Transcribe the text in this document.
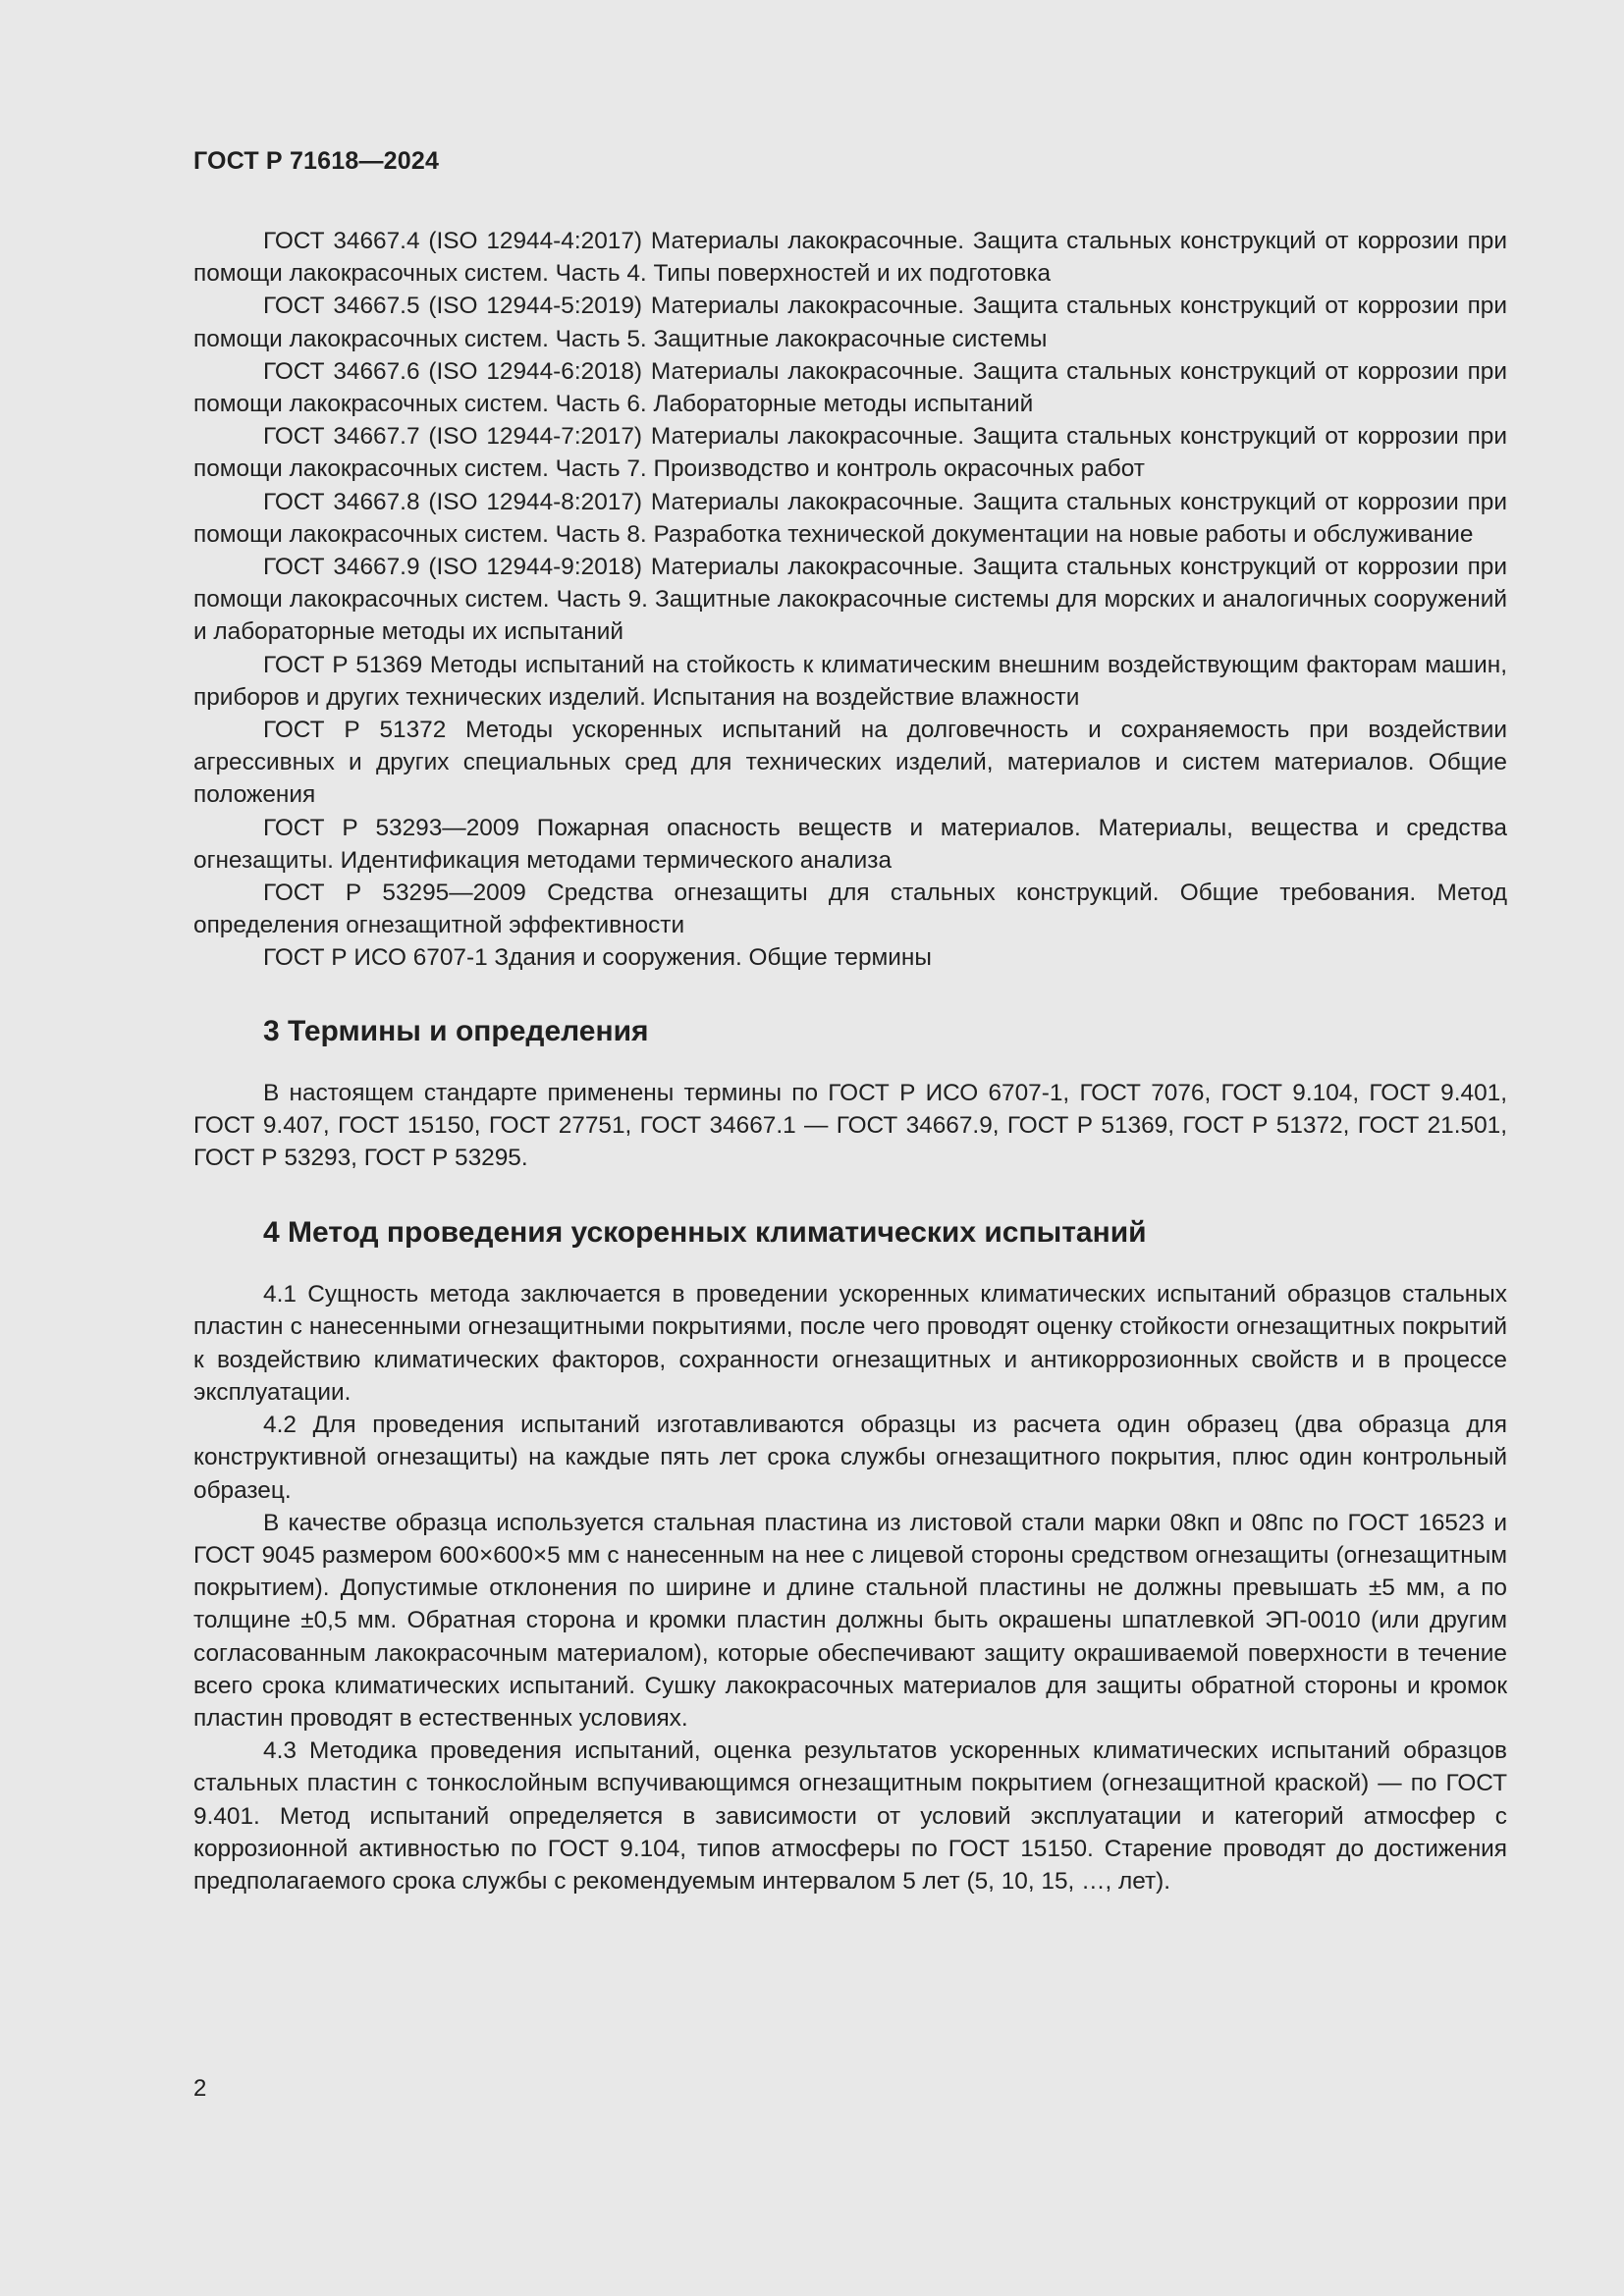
ГОСТ Р 71618—2024

ГОСТ 34667.4 (ISO 12944-4:2017) Материалы лакокрасочные. Защита стальных конструкций от коррозии при помощи лакокрасочных систем. Часть 4. Типы поверхностей и их подготовка

ГОСТ 34667.5 (ISO 12944-5:2019) Материалы лакокрасочные. Защита стальных конструкций от коррозии при помощи лакокрасочных систем. Часть 5. Защитные лакокрасочные системы

ГОСТ 34667.6 (ISO 12944-6:2018) Материалы лакокрасочные. Защита стальных конструкций от коррозии при помощи лакокрасочных систем. Часть 6. Лабораторные методы испытаний

ГОСТ 34667.7 (ISO 12944-7:2017) Материалы лакокрасочные. Защита стальных конструкций от коррозии при помощи лакокрасочных систем. Часть 7. Производство и контроль окрасочных работ

ГОСТ 34667.8 (ISO 12944-8:2017) Материалы лакокрасочные. Защита стальных конструкций от коррозии при помощи лакокрасочных систем. Часть 8. Разработка технической документации на новые работы и обслуживание

ГОСТ 34667.9 (ISO 12944-9:2018) Материалы лакокрасочные. Защита стальных конструкций от коррозии при помощи лакокрасочных систем. Часть 9. Защитные лакокрасочные системы для морских и аналогичных сооружений и лабораторные методы их испытаний

ГОСТ Р 51369 Методы испытаний на стойкость к климатическим внешним воздействующим факторам машин, приборов и других технических изделий. Испытания на воздействие влажности

ГОСТ Р 51372 Методы ускоренных испытаний на долговечность и сохраняемость при воздействии агрессивных и других специальных сред для технических изделий, материалов и систем материалов. Общие положения

ГОСТ Р 53293—2009 Пожарная опасность веществ и материалов. Материалы, вещества и средства огнезащиты. Идентификация методами термического анализа

ГОСТ Р 53295—2009 Средства огнезащиты для стальных конструкций. Общие требования. Метод определения огнезащитной эффективности

ГОСТ Р ИСО 6707-1 Здания и сооружения. Общие термины

3 Термины и определения

В настоящем стандарте применены термины по ГОСТ Р ИСО 6707-1, ГОСТ 7076, ГОСТ 9.104, ГОСТ 9.401, ГОСТ 9.407, ГОСТ 15150, ГОСТ 27751, ГОСТ 34667.1 — ГОСТ 34667.9, ГОСТ Р 51369, ГОСТ Р 51372, ГОСТ 21.501, ГОСТ Р 53293, ГОСТ Р 53295.

4 Метод проведения ускоренных климатических испытаний

4.1 Сущность метода заключается в проведении ускоренных климатических испытаний образцов стальных пластин с нанесенными огнезащитными покрытиями, после чего проводят оценку стойкости огнезащитных покрытий к воздействию климатических факторов, сохранности огнезащитных и антикоррозионных свойств и в процессе эксплуатации.

4.2 Для проведения испытаний изготавливаются образцы из расчета один образец (два образца для конструктивной огнезащиты) на каждые пять лет срока службы огнезащитного покрытия, плюс один контрольный образец.

В качестве образца используется стальная пластина из листовой стали марки 08кп и 08пс по ГОСТ 16523 и ГОСТ 9045 размером 600×600×5 мм с нанесенным на нее с лицевой стороны средством огнезащиты (огнезащитным покрытием). Допустимые отклонения по ширине и длине стальной пластины не должны превышать ±5 мм, а по толщине ±0,5 мм. Обратная сторона и кромки пластин должны быть окрашены шпатлевкой ЭП-0010 (или другим согласованным лакокрасочным материалом), которые обеспечивают защиту окрашиваемой поверхности в течение всего срока климатических испытаний. Сушку лакокрасочных материалов для защиты обратной стороны и кромок пластин проводят в естественных условиях.

4.3 Методика проведения испытаний, оценка результатов ускоренных климатических испытаний образцов стальных пластин с тонкослойным вспучивающимся огнезащитным покрытием (огнезащитной краской) — по ГОСТ 9.401. Метод испытаний определяется в зависимости от условий эксплуатации и категорий атмосфер с коррозионной активностью по ГОСТ 9.104, типов атмосферы по ГОСТ 15150. Старение проводят до достижения предполагаемого срока службы с рекомендуемым интервалом 5 лет (5, 10, 15, …, лет).

2
